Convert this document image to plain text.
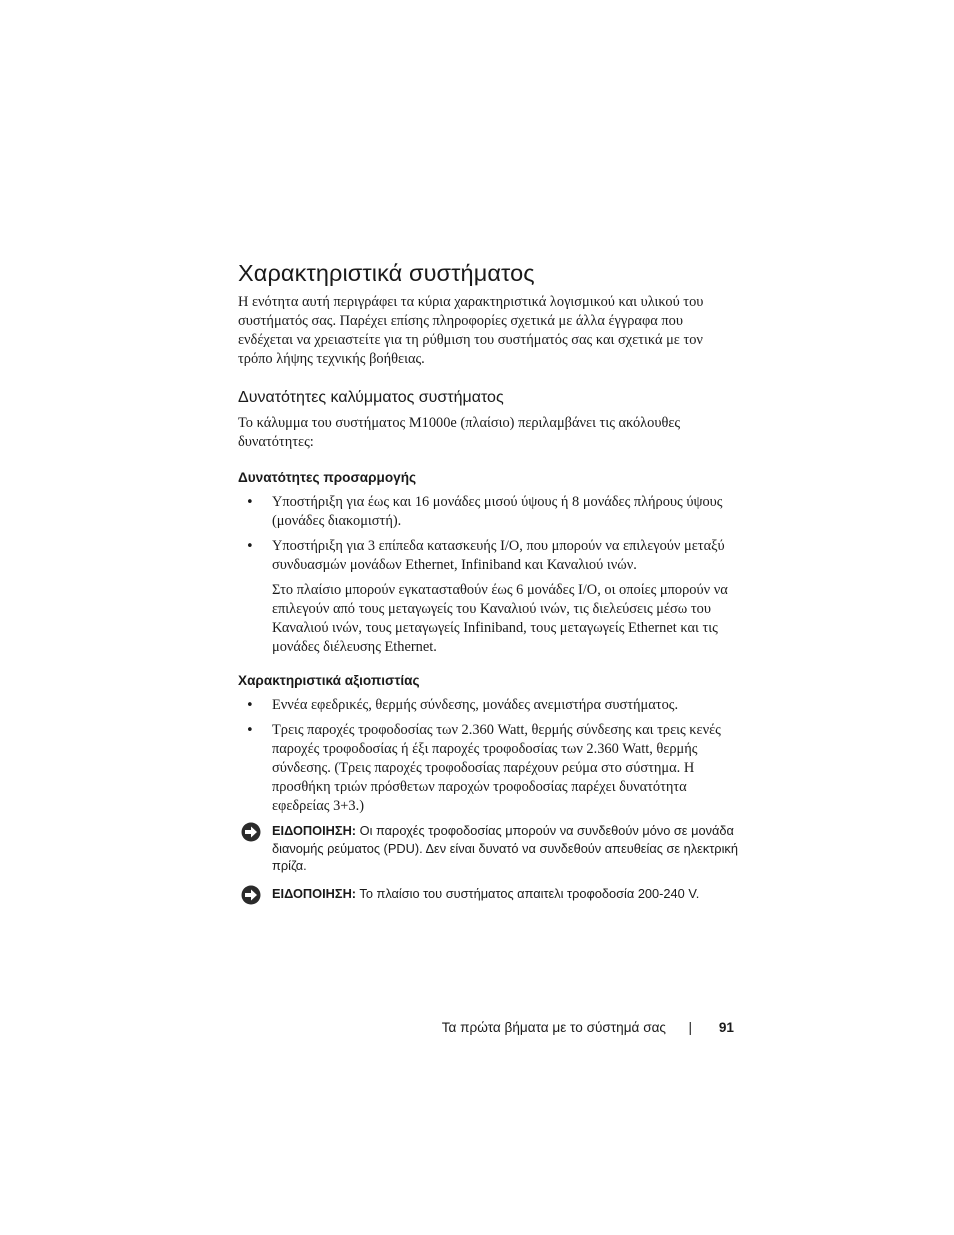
Χαρακτηριστικά συστήματος

Η ενότητα αυτή περιγράφει τα κύρια χαρακτηριστικά λογισμικού και υλικού του συστήματός σας. Παρέχει επίσης πληροφορίες σχετικά με άλλα έγγραφα που ενδέχεται να χρειαστείτε για τη ρύθμιση του συστήματός σας και σχετικά με τον τρόπο λήψης τεχνικής βοήθειας.

Δυνατότητες καλύμματος συστήματος

Το κάλυμμα του συστήματος M1000e (πλαίσιο) περιλαμβάνει τις ακόλουθες δυνατότητες:

Δυνατότητες προσαρμογής
• Υποστήριξη για έως και 16 μονάδες μισού ύψους ή 8 μονάδες πλήρους ύψους (μονάδες διακομιστή).

• Υποστήριξη για 3 επίπεδα κατασκευής I/O, που μπορούν να επιλεγούν μεταξύ συνδυασμών μονάδων Ethernet, Infiniband και Καναλιού ινών.

Στο πλαίσιο μπορούν εγκατασταθούν έως 6 μονάδες I/O, οι οποίες μπορούν να επιλεγούν από τους μεταγωγείς του Καναλιού ινών, τις διελεύσεις μέσω του Καναλιού ινών, τους μεταγωγείς Infiniband, τους μεταγωγείς Ethernet και τις μονάδες διέλευσης Ethernet.

Χαρακτηριστικά αξιοπιστίας
• Εννέα εφεδρικές, θερμής σύνδεσης, μονάδες ανεμιστήρα συστήματος.

• Τρεις παροχές τροφοδοσίας των 2.360 Watt, θερμής σύνδεσης και τρεις κενές παροχές τροφοδοσίας ή έξι παροχές τροφοδοσίας των 2.360 Watt, θερμής σύνδεσης. (Τρεις παροχές τροφοδοσίας παρέχουν ρεύμα στο σύστημα. Η προσθήκη τριών πρόσθετων παροχών τροφοδοσίας παρέχει δυνατότητα εφεδρείας 3+3.)

ΕΙΔΟΠΟΙΗΣΗ: Οι παροχές τροφοδοσίας μπορούν να συνδεθούν μόνο σε μονάδα διανομής ρεύματος (PDU). Δεν είναι δυνατό να συνδεθούν απευθείας σε ηλεκτρική πρίζα.
ΕΙΔΟΠΟΙΗΣΗ: Το πλαίσιο του συστήματος απαιτελι τροφοδοσία 200-240 V.
Τα πρώτα βήματα με το σύστημά σας | 91
